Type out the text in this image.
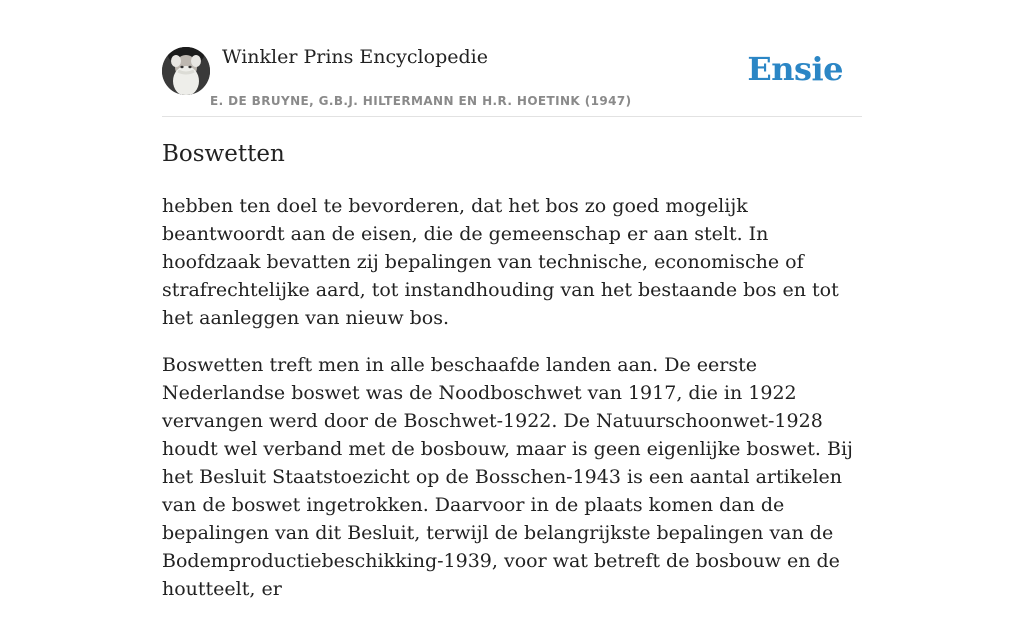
Winkler Prins Encyclopedie
E. DE BRUYNE, G.B.J. HILTERMANN EN H.R. HOETINK (1947)
Ensie
Boswetten

hebben ten doel te bevorderen, dat het bos zo goed mogelijk beantwoordt aan de eisen, die de gemeenschap er aan stelt. In hoofdzaak bevatten zij bepalingen van technische, economische of strafrechtelijke aard, tot instandhouding van het bestaande bos en tot het aanleggen van nieuw bos.

Boswetten treft men in alle beschaafde landen aan. De eerste Nederlandse boswet was de Noodboschwet van 1917, die in 1922 vervangen werd door de Boschwet-1922. De Natuurschoonwet-1928 houdt wel verband met de bosbouw, maar is geen eigenlijke boswet. Bij het Besluit Staatstoezicht op de Bosschen-1943 is een aantal artikelen van de boswet ingetrokken. Daarvoor in de plaats komen dan de bepalingen van dit Besluit, terwijl de belangrijkste bepalingen van de Bodemproductiebeschikking-1939, voor wat betreft de bosbouw en de houtteelt, er
